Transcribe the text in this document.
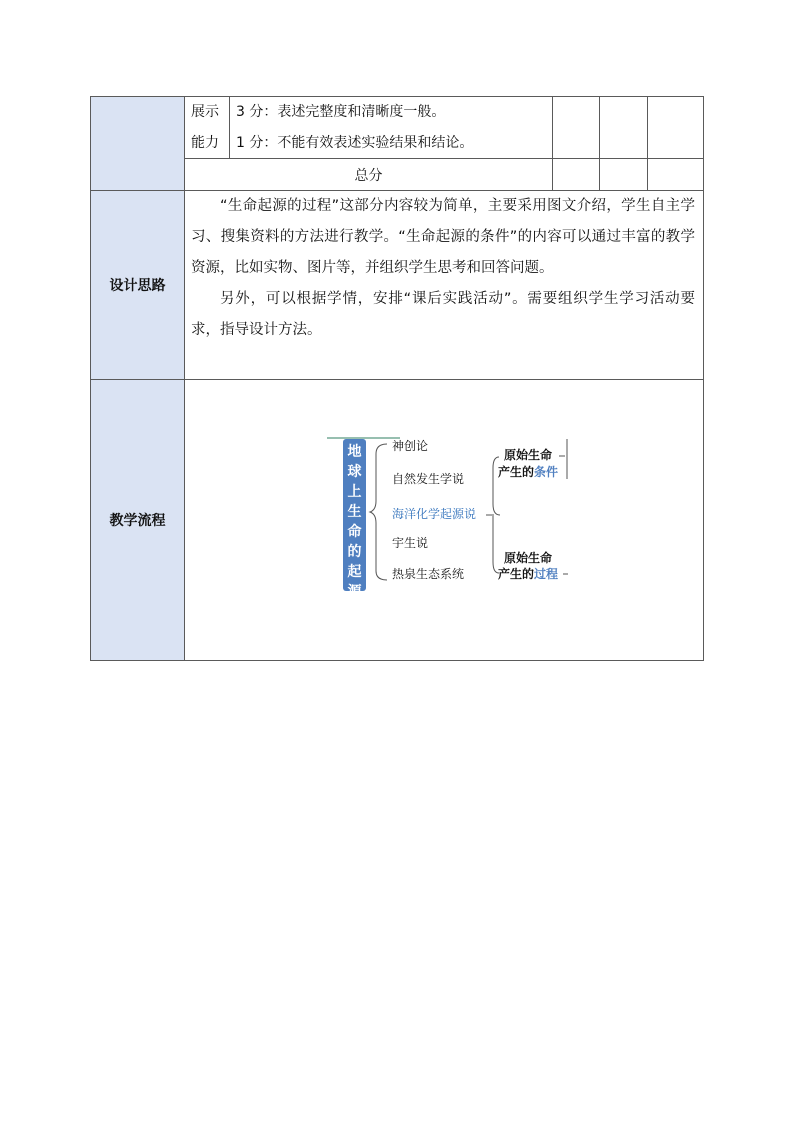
展示
能力
3 分：表述完整度和清晰度一般。
1 分：不能有效表述实验结果和结论。
总分
设计思路

“生命起源的过程”这部分内容较为简单，主要采用图文介绍，学生自主学习、搜集资料的方法进行教学。“生命起源的条件”的内容可以通过丰富的教学资源，比如实物、图片等，并组织学生思考和回答问题。

另外，可以根据学情，安排“课后实践活动”。需要组织学生学习活动要求，指导设计方法。

教学流程
地
球
上
生
命
的
起
源
神创论
自然发生学说
海洋化学起源说
宇生说
热泉生态系统
原始生命
产生的条件
原始生命
产生的过程
